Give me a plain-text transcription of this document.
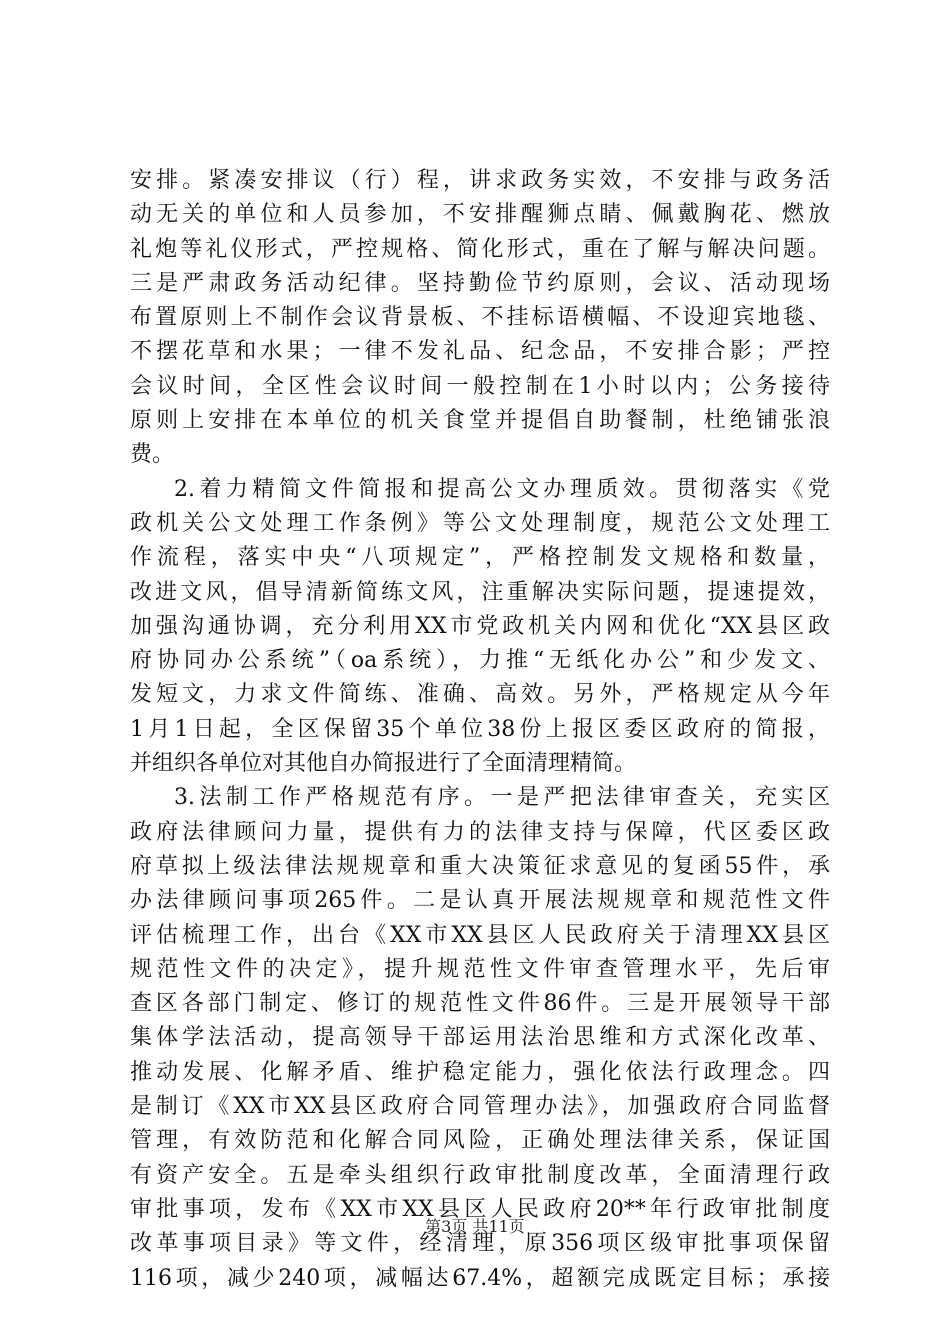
安排。紧凑安排议（行）程，讲求政务实效，不安排与政务活
动无关的单位和人员参加，不安排醒狮点睛、佩戴胸花、燃放
礼炮等礼仪形式，严控规格、简化形式，重在了解与解决问题。
三是严肃政务活动纪律。坚持勤俭节约原则，会议、活动现场
布置原则上不制作会议背景板、不挂标语横幅、不设迎宾地毯、
不摆花草和水果；一律不发礼品、纪念品，不安排合影；严控
会议时间，全区性会议时间一般控制在1小时以内；公务接待
原则上安排在本单位的机关食堂并提倡自助餐制，杜绝铺张浪
费。
2.着力精简文件简报和提高公文办理质效。贯彻落实《党
政机关公文处理工作条例》等公文处理制度，规范公文处理工
作流程，落实中央“八项规定”，严格控制发文规格和数量，
改进文风，倡导清新简练文风，注重解决实际问题，提速提效，
加强沟通协调，充分利用XX市党政机关内网和优化“XX县区政
府协同办公系统”（oa系统），力推“无纸化办公”和少发文、
发短文，力求文件简练、准确、高效。另外，严格规定从今年
1月1日起，全区保留35个单位38份上报区委区政府的简报，
并组织各单位对其他自办简报进行了全面清理精简。
3.法制工作严格规范有序。一是严把法律审查关，充实区
政府法律顾问力量，提供有力的法律支持与保障，代区委区政
府草拟上级法律法规规章和重大决策征求意见的复函55件，承
办法律顾问事项265件。二是认真开展法规规章和规范性文件
评估梳理工作，出台《XX市XX县区人民政府关于清理XX县区
规范性文件的决定》，提升规范性文件审查管理水平，先后审
查区各部门制定、修订的规范性文件86件。三是开展领导干部
集体学法活动，提高领导干部运用法治思维和方式深化改革、
推动发展、化解矛盾、维护稳定能力，强化依法行政理念。四
是制订《XX市XX县区政府合同管理办法》，加强政府合同监督
管理，有效防范和化解合同风险，正确处理法律关系，保证国
有资产安全。五是牵头组织行政审批制度改革，全面清理行政
审批事项，发布《XX市XX县区人民政府20**年行政审批制度
改革事项目录》等文件，经清理，原356项区级审批事项保留
116项，减少240项，减幅达67.4%，超额完成既定目标；承接
第3页 共11页
